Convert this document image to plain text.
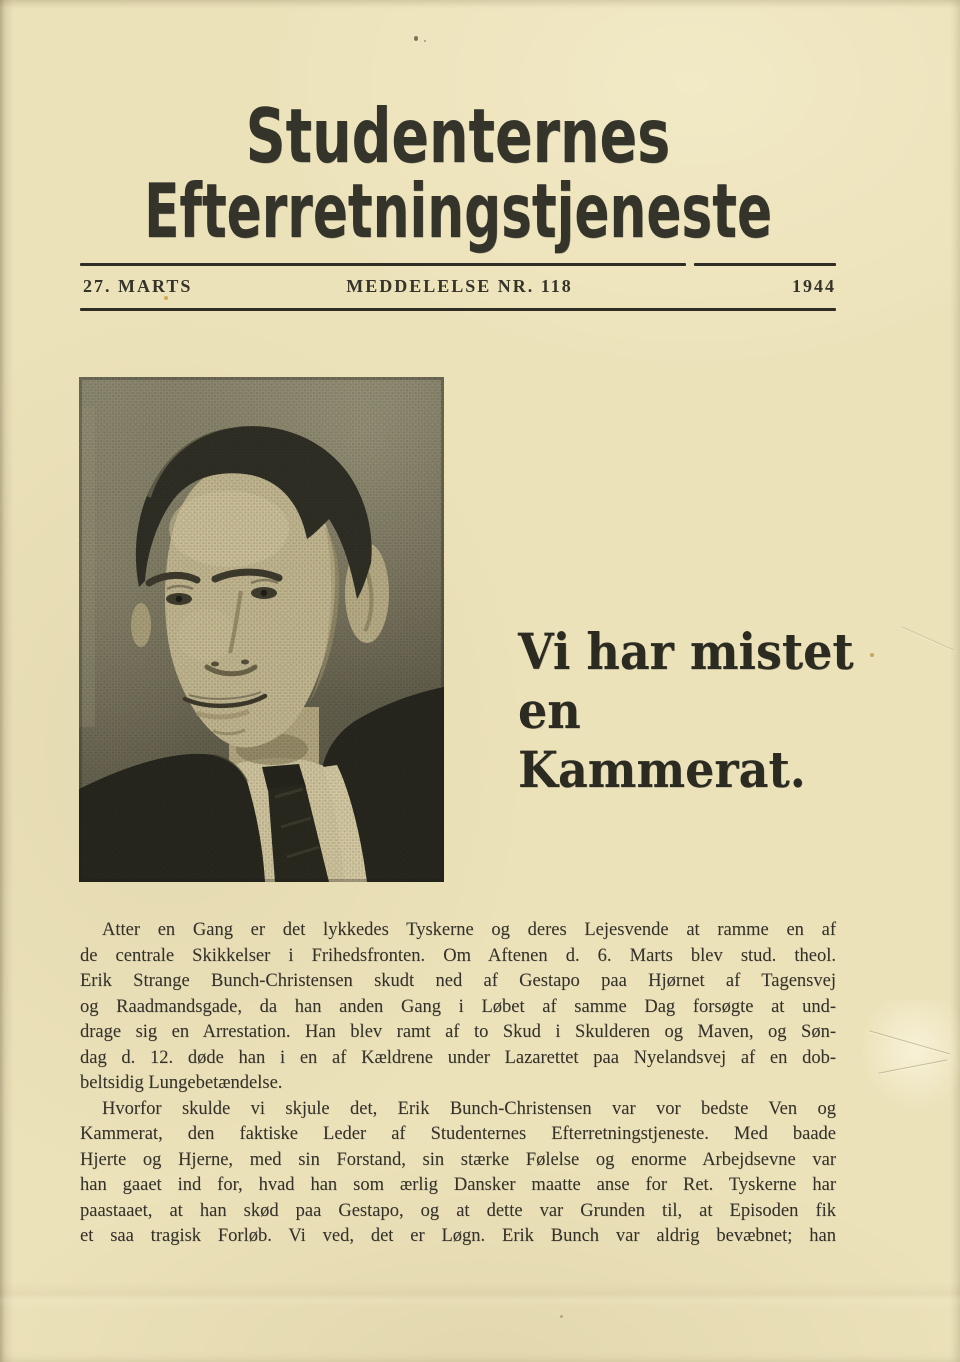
Studenternes
Efterretningstjeneste
27. MARTS	MEDDELELSE NR. 118	1944
Vi har mistet
en
Kammerat.
Atter en Gang er det lykkedes Tyskerne og deres Lejesvende at ramme en af
de centrale Skikkelser i Frihedsfronten. Om Aftenen d. 6. Marts blev stud. theol.
Erik Strange Bunch-Christensen skudt ned af Gestapo paa Hjørnet af Tagensvej
og Raadmandsgade, da han anden Gang i Løbet af samme Dag forsøgte at und-
drage sig en Arrestation. Han blev ramt af to Skud i Skulderen og Maven, og Søn-
dag d. 12. døde han i en af Kældrene under Lazarettet paa Nyelandsvej af en dob-
beltsidig Lungebetændelse.
Hvorfor skulde vi skjule det, Erik Bunch-Christensen var vor bedste Ven og
Kammerat, den faktiske Leder af Studenternes Efterretningstjeneste. Med baade
Hjerte og Hjerne, med sin Forstand, sin stærke Følelse og enorme Arbejdsevne var
han gaaet ind for, hvad han som ærlig Dansker maatte anse for Ret. Tyskerne har
paastaaet, at han skød paa Gestapo, og at dette var Grunden til, at Episoden fik
et saa tragisk Forløb. Vi ved, det er Løgn. Erik Bunch var aldrig bevæbnet; han
